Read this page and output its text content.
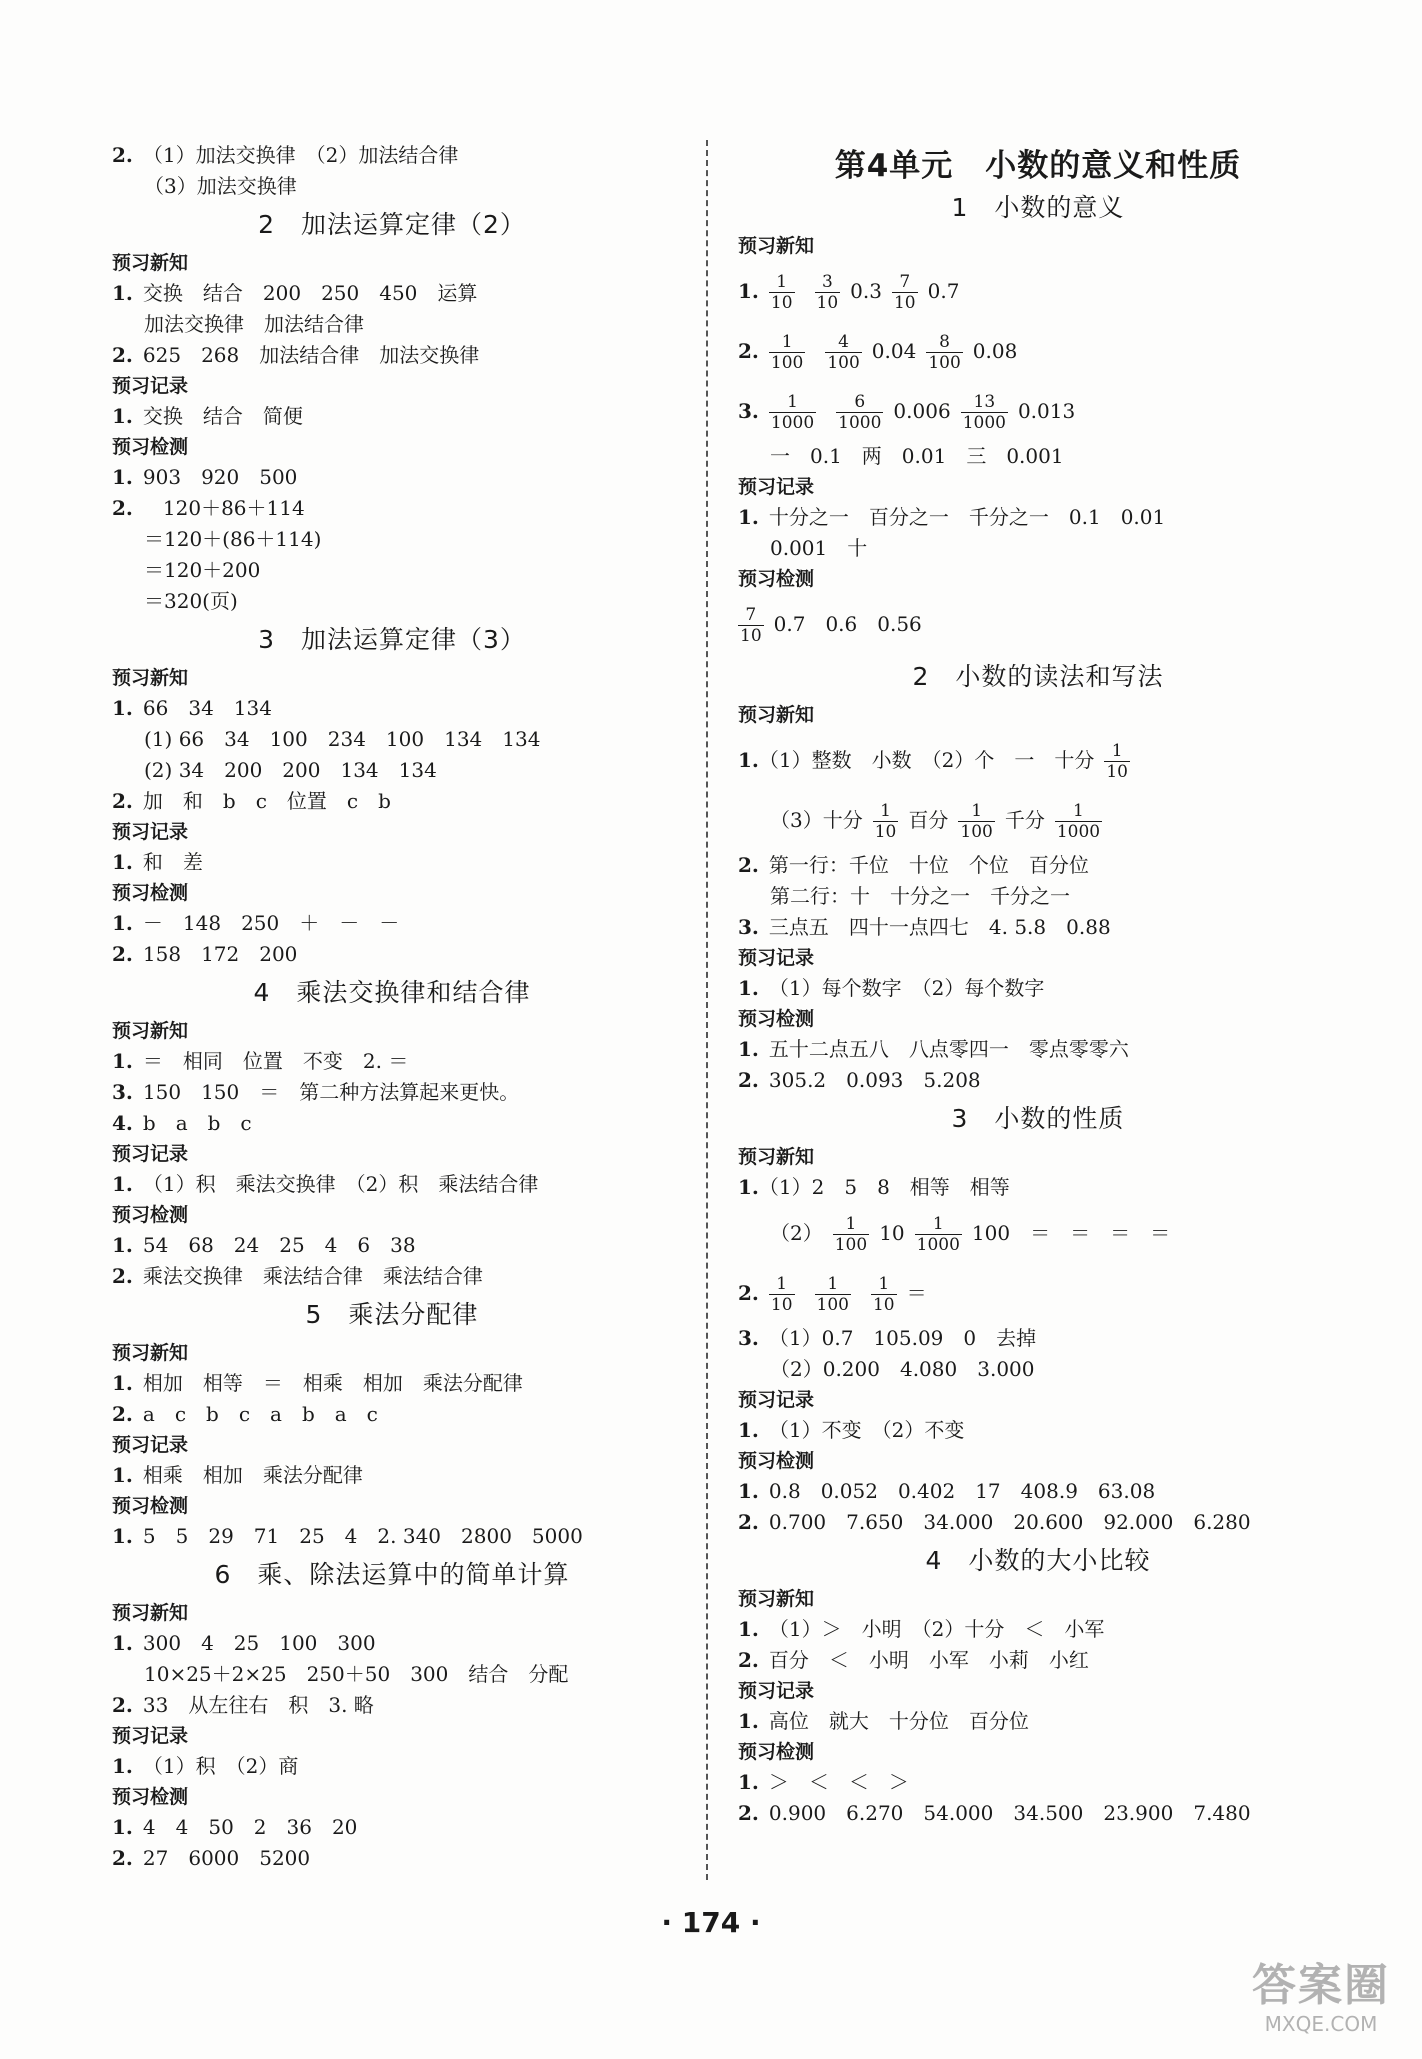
2. （1）加法交换律　（2）加法结合律
（3）加法交换律
2　加法运算定律（2）
预习新知
1. 交换　结合　200　250　450　运算
加法交换律　加法结合律
2. 625　268　加法结合律　加法交换律
预习记录
1. 交换　结合　简便
预习检测
1. 903　920　500
2.　120＋86＋114
＝120＋(86＋114)
＝120＋200
＝320(页)
3　加法运算定律（3）
预习新知
1. 66　34　134
(1) 66　34　100　234　100　134　134
(2) 34　200　200　134　134
2. 加　和　b　c　位置　c　b
预习记录
1. 和　差
预习检测
1. －　148　250　＋　－　－
2. 158　172　200
4　乘法交换律和结合律
预习新知
1. ＝　相同　位置　不变　2. ＝
3. 150　150　＝　第二种方法算起来更快。
4. b　a　b　c
预习记录
1. （1）积　乘法交换律　（2）积　乘法结合律
预习检测
1. 54　68　24　25　4　6　38
2. 乘法交换律　乘法结合律　乘法结合律
5　乘法分配律
预习新知
1. 相加　相等　＝　相乘　相加　乘法分配律
2. a　c　b　c　a　b　a　c
预习记录
1. 相乘　相加　乘法分配律
预习检测
1. 5　5　29　71　25　4　2. 340　2800　5000
6　乘、除法运算中的简单计算
预习新知
1. 300　4　25　100　300
10×25＋2×25　250＋50　300　结合　分配
2. 33　从左往右　积　3. 略
预习记录
1. （1）积　（2）商
预习检测
1. 4　4　50　2　36　20
2. 27　6000　5200
第4单元　小数的意义和性质
1　小数的意义
预习新知
1. $\frac{1}{10} \frac{3}{10} 0.3 \frac{7}{10} 0.7$
2. $\frac{1}{100} \frac{4}{100} 0.04 \frac{8}{100} 0.08$
3. $\frac{1}{1000} \frac{6}{1000} 0.006 \frac{13}{1000} 0.013$
一　0.1　两　0.01　三　0.001
预习记录
1. 十分之一　百分之一　千分之一　0.1　0.01
0.001　十
预习检测
$\frac{7}{10} 0.7$　0.6　0.56
2　小数的读法和写法
预习新知
1.（1）整数　小数　（2）个　一　十分 $\frac{1}{10}$
（3）十分 $\frac{1}{10}$ 百分 $\frac{1}{100}$ 千分 $\frac{1}{1000}$
2. 第一行：千位　十位　个位　百分位
第二行：十　十分之一　千分之一
3. 三点五　四十一点四七　4. 5.8　0.88
预习记录
1. （1）每个数字　（2）每个数字
预习检测
1. 五十二点五八　八点零四一　零点零零六
2. 305.2　0.093　5.208
3　小数的性质
预习新知
1.（1）2　5　8　相等　相等
$(2) \frac{1}{100} 10 \frac{1}{1000} 100$　＝　＝　＝　＝
2. $\frac{1}{10} \frac{1}{100} \frac{1}{10}$ ＝
3. （1）0.7　105.09　0　去掉
（2）0.200　4.080　3.000
预习记录
1. （1）不变　（2）不变
预习检测
1. 0.8　0.052　0.402　17　408.9　63.08
2. 0.700　7.650　34.000　20.600　92.000　6.280
4　小数的大小比较
预习新知
1. （1）＞　小明　（2）十分　＜　小军
2. 百分　＜　小明　小军　小莉　小红
预习记录
1. 高位　就大　十分位　百分位
预习检测
1. ＞　＜　＜　＞
2. 0.900　6.270　54.000　34.500　23.900　7.480
· 174 ·
答案圈
MXQE.COM
